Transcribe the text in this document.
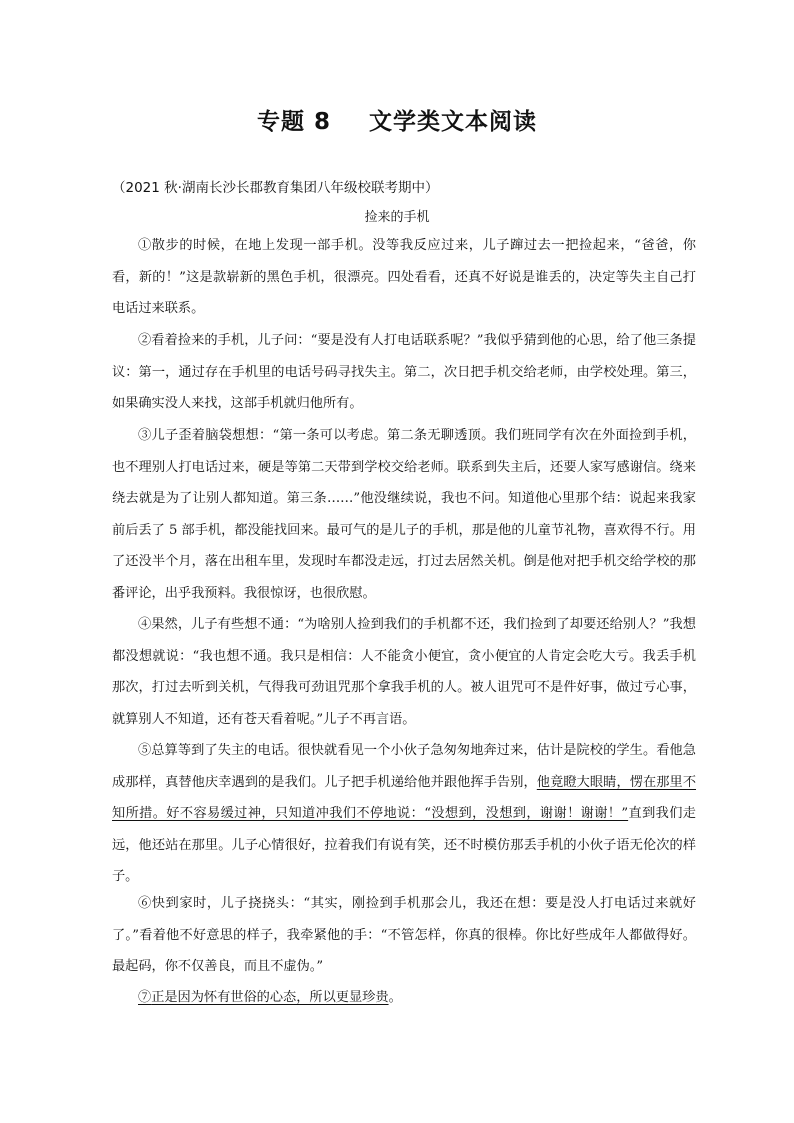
专题 8 文学类文本阅读
（2021 秋·湖南长沙长郡教育集团八年级校联考期中）
捡来的手机
①散步的时候，在地上发现一部手机。没等我反应过来，儿子蹿过去一把捡起来，“爸爸，你看，新的！”这是款崭新的黑色手机，很漂亮。四处看看，还真不好说是谁丢的，决定等失主自己打电话过来联系。
②看着捡来的手机，儿子问：“要是没有人打电话联系呢？”我似乎猜到他的心思，给了他三条提议：第一，通过存在手机里的电话号码寻找失主。第二，次日把手机交给老师，由学校处理。第三，如果确实没人来找，这部手机就归他所有。
③儿子歪着脑袋想想：“第一条可以考虑。第二条无聊透顶。我们班同学有次在外面捡到手机，也不理别人打电话过来，硬是等第二天带到学校交给老师。联系到失主后，还要人家写感谢信。绕来绕去就是为了让别人都知道。第三条……”他没继续说，我也不问。知道他心里那个结：说起来我家前后丢了 5 部手机，都没能找回来。最可气的是儿子的手机，那是他的儿童节礼物，喜欢得不行。用了还没半个月，落在出租车里，发现时车都没走远，打过去居然关机。倒是他对把手机交给学校的那番评论，出乎我预料。我很惊讶，也很欣慰。
④果然，儿子有些想不通：“为啥别人捡到我们的手机都不还，我们捡到了却要还给别人？”我想都没想就说：“我也想不通。我只是相信：人不能贪小便宜，贪小便宜的人肯定会吃大亏。我丢手机那次，打过去听到关机，气得我可劲诅咒那个拿我手机的人。被人诅咒可不是件好事，做过亏心事，就算别人不知道，还有苍天看着呢。”儿子不再言语。
⑤总算等到了失主的电话。很快就看见一个小伙子急匆匆地奔过来，估计是院校的学生。看他急成那样，真替他庆幸遇到的是我们。儿子把手机递给他并跟他挥手告别，他竟瞪大眼睛，愣在那里不知所措。好不容易缓过神，只知道冲我们不停地说：“没想到，没想到，谢谢！谢谢！”直到我们走远，他还站在那里。儿子心情很好，拉着我们有说有笑，还不时模仿那丢手机的小伙子语无伦次的样子。
⑥快到家时，儿子挠挠头：“其实，刚捡到手机那会儿，我还在想：要是没人打电话过来就好了。”看着他不好意思的样子，我牵紧他的手：“不管怎样，你真的很棒。你比好些成年人都做得好。最起码，你不仅善良，而且不虚伪。”
⑦正是因为怀有世俗的心态，所以更显珍贵。
